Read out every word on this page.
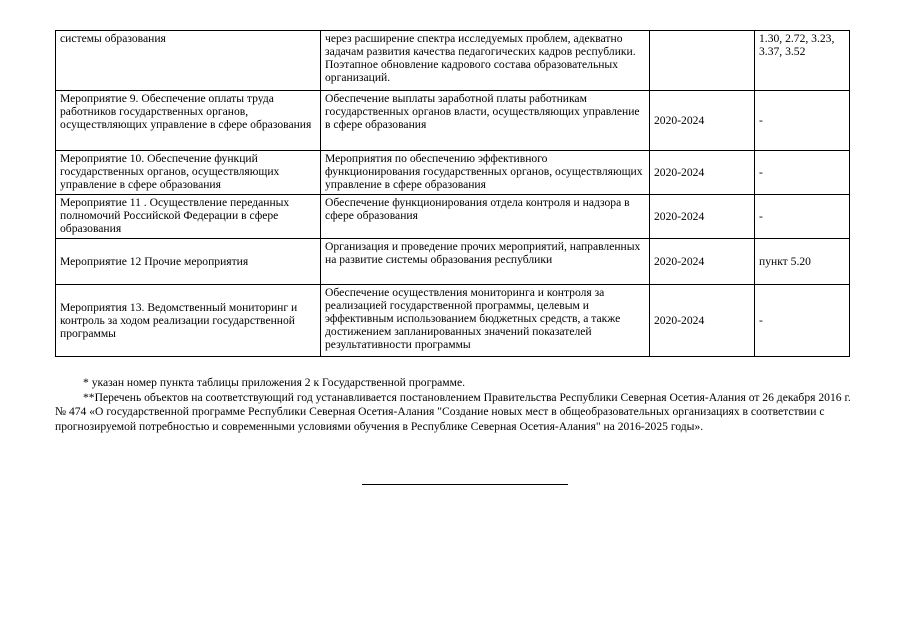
системы образования	через расширение спектра исследуемых проблем, адекватно задачам развития качества педагогических кадров республики. Поэтапное обновление кадрового состава образовательных организаций.		1.30, 2.72, 3.23, 3.37, 3.52
Мероприятие 9. Обеспечение оплаты труда работников государственных органов, осуществляющих управление в сфере образования	Обеспечение выплаты заработной платы работникам государственных органов власти, осуществляющих управление в сфере образования	2020-2024	-
Мероприятие 10. Обеспечение функций государственных органов, осуществляющих управление в сфере образования	Мероприятия по обеспечению эффективного функционирования государственных органов, осуществляющих управление в сфере образования	2020-2024	-
Мероприятие 11 . Осуществление переданных полномочий Российской Федерации в сфере образования	Обеспечение функционирования отдела контроля и надзора в сфере образования	2020-2024	-
Мероприятие 12 Прочие мероприятия	Организация и проведение прочих мероприятий, направленных на развитие системы образования республики	2020-2024	пункт 5.20
Мероприятия 13. Ведомственный мониторинг и контроль за ходом реализации государственной программы	Обеспечение осуществления мониторинга и контроля за реализацией государственной программы, целевым и эффективным использованием бюджетных средств, а также достижением запланированных значений показателей результативности программы	2020-2024	-

* указан номер пункта таблицы приложения 2 к Государственной программе.

**Перечень объектов на соответствующий год устанавливается постановлением Правительства Республики Северная Осетия-Алания от 26 декабря 2016 г. № 474 «О государственной программе Республики Северная Осетия-Алания "Создание новых мест в общеобразовательных организациях в соответствии с прогнозируемой потребностью и современными условиями обучения в Республике Северная Осетия-Алания" на 2016-2025 годы».
